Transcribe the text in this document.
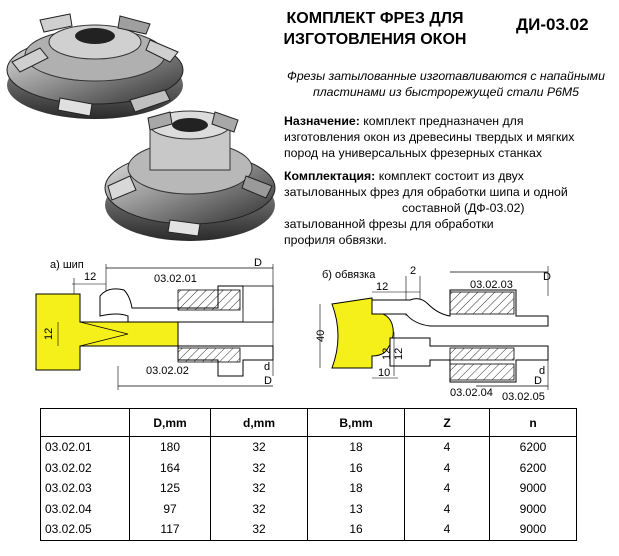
КОМПЛЕКТ ФРЕЗ ДЛЯ
ИЗГОТОВЛЕНИЯ ОКОН
ДИ-03.02
Фрезы затылованные изготавливаются с напайными
пластинами из быстрорежущей стали Р6М5
Назначение: комплект предназначен для
изготовления окон из древесины твердых и мягких
пород на универсальных фрезерных станках
Комплектация: комплект состоит из двух
затылованных фрез для обработки шипа и одной
составной (ДФ-03.02)
затылованной фрезы для обработки
профиля обвязки.
а) шип
12
D
03.02.01
d
03.02.02
D
12
б) обвязка
12
2	D
03.02.03
40
12 12
10	d
D
03.02.04 03.02.05
	D,mm	d,mm	B,mm	Z	n
03.02.01	180	32	18	4	6200
03.02.02	164	32	16	4	6200
03.02.03	125	32	18	4	9000
03.02.04	97	32	13	4	9000
03.02.05	117	32	16	4	9000
